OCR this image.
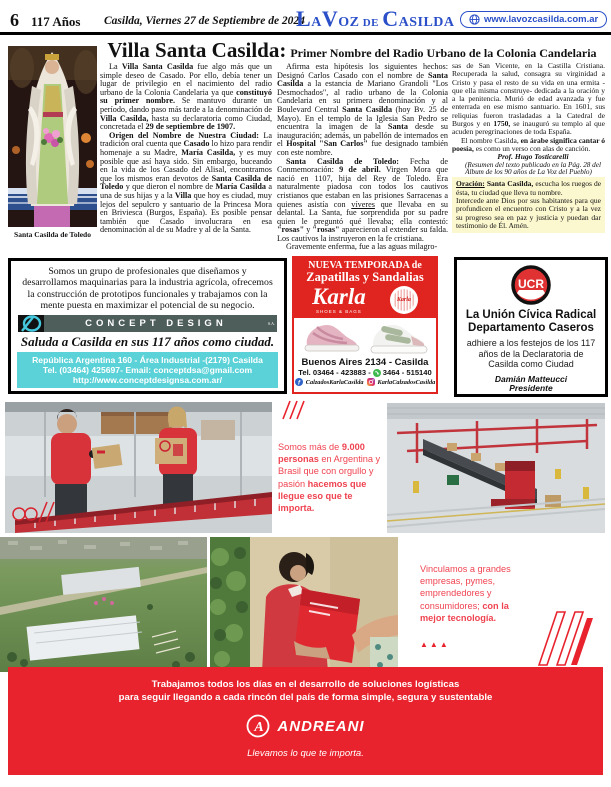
6 117 Años Casilda, Viernes 27 de Septiembre de 2024
LAVOZ DE CASILDA	www.lavozcasilda.com.ar
Villa Santa Casilda: Primer Nombre del Radio Urbano de la Colonia Candelaria
Santa Casilda de Toledo

La Villa Santa Casilda fue algo más que un simple deseo de Casado. Por ello, debía tener un lugar de privilegio en el nacimiento del radio urbano de la Colonia Candelaria ya que constituyó su primer nombre. Se mantuvo durante un período, dando paso más tarde a la denominación de Villa Casilda, hasta su declaratoria como Ciudad, concretada el 29 de septiembre de 1907.

Origen del Nombre de Nuestra Ciudad: La tradición oral cuenta que Casado lo hizo para rendir homenaje a su Madre, María Casilda, y es muy posible que así haya sido. Sin embargo, buceando en la vida de los Casado del Alisal, encontramos que los mismos eran devotos de Santa Casilda de Toledo y que dieron el nombre de María Casilda a una de sus hijas y a la Villa que hoy es ciudad, muy lejos del sepulcro y santuario de la Princesa Mora en Briviesca (Burgos, España). Es posible pensar también que Casado involucrara en esa denominación al de su Madre y al de la Santa.

Afirma esta hipótesis los siguientes hechos: Designó Carlos Casado con el nombre de Santa Casilda a la estancia de Mariano Grandoli "Los Desmochados", al radio urbano de la Colonia Candelaria en su primera denominación y al Boulevard Central Santa Casilda (hoy Bv. 25 de Mayo). En el templo de la Iglesia San Pedro se encuentra la imagen de la Santa desde su inauguración; además, un pabellón de internados en el Hospital "San Carlos" fue designado también con este nombre.

Santa Casilda de Toledo: Fecha de Conmemoración: 9 de abril. Virgen Mora que nació en 1107, hija del Rey de Toledo. Era naturalmente piadosa con todos los cautivos cristianos que estaban en las prisiones Sarracenas a quienes asistía con víveres que llevaba en su delantal. La Santa, fue sorprendida por su padre quien le preguntó qué llevaba; ella contestó: "rosas" y "rosas" aparecieron al extender su falda. Los cautivos la instruyeron en la fe cristiana.

Gravemente enferma, fue a las aguas milagro-

sas de San Vicente, en la Castilla Cristiana. Recuperada la salud, consagra su virginidad a Cristo y pasa el resto de su vida en una ermita -que ella misma construye- dedicada a la oración y a la penitencia. Murió de edad avanzada y fue enterrada en ese mismo santuario. En 1601, sus reliquias fueron trasladadas a la Catedral de Burgos y en 1750, se inauguró su templo al que acuden peregrinaciones de toda España.

El nombre Casilda, en árabe significa cantar ó poesía, es como un verso con alas de canción.

Prof. Hugo Tosticarelli

(Resumen del texto publicado en la Pág. 28 del Álbum de los 90 años de La Voz del Pueblo)

Oración: Santa Casilda, escucha los ruegos de ésta, tu ciudad que lleva tu nombre.

Intercede ante Dios por sus habitantes para que profundicen el encuentro con Cristo y a la vez su progreso sea en paz y justicia y puedan dar testimonio de Él. Amén.

Somos un grupo de profesionales que diseñamos y desarrollamos maquinarias para la industria agrícola, ofrecemos la construcción de prototipos funcionales y trabajamos con la mente puesta en maximizar el potencial de su negocio.
CONCEPT DESIGN	S.A.
Saluda a Casilda en sus 117 años como ciudad.
República Argentina 160 - Área Industrial -(2179) Casilda
Tel. (03464) 425697- Email: conceptdsa@gmail.com
http://www.conceptdesignsa.com.ar/
NUEVA TEMPORADA de
Zapatillas y Sandalias
Karla
SHOES & BAGS
Karla
Buenos Aires 2134 - Casilda
Tel. 03464 - 423883 - 3464 - 515140
f CalzadosKarlaCasilda KarlaCalzadosCasilda
UCR
La Unión Cívica Radical
Departamento Caseros
adhiere a los festejos de los 117 años de la Declaratoria de Casilda como Ciudad
Damián Matteucci
Presidente
Somos más de 9.000 personas en Argentina y Brasil que con orgullo y pasión hacemos que llegue eso que te importa.
Vinculamos a grandes empresas, pymes, emprendedores y consumidores; con la mejor tecnología.
▲▲▲
Trabajamos todos los días en el desarrollo de soluciones logísticas
para seguir llegando a cada rincón del país de forma simple, segura y sustentable
A ANDREANI
Llevamos lo que te importa.
